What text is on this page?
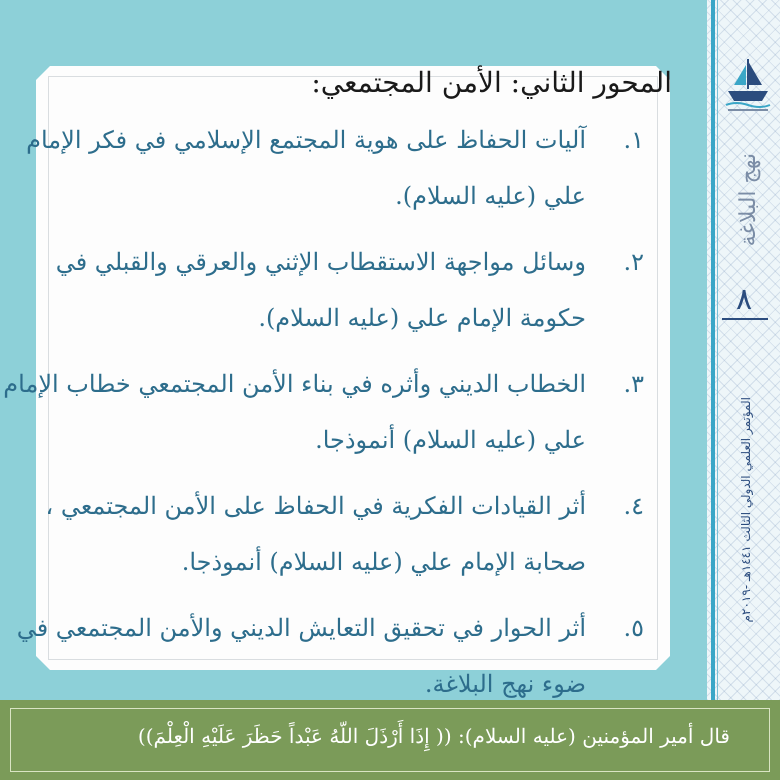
نهج البلاغة
٨
المؤتمر العلمي الدولي الثالث ١٤٤١هـ -٢٠١٩م
المحور الثاني: الأمن المجتمعي:
١.
آليات الحفاظ على هوية المجتمع الإسلامي في فكر الإمام
علي (عليه السلام).
٢.
وسائل مواجهة الاستقطاب الإثني والعرقي والقبلي في
حكومة الإمام علي (عليه السلام).
٣.
الخطاب الديني وأثره في بناء الأمن المجتمعي خطاب الإمام
علي (عليه السلام) أنموذجا.
٤.
أثر القيادات الفكرية في الحفاظ على الأمن المجتمعي ،
صحابة الإمام علي (عليه السلام) أنموذجا.
٥.
أثر الحوار في تحقيق التعايش الديني والأمن المجتمعي في
ضوء نهج البلاغة.
قال أمير المؤمنين (عليه السلام): (( إِذَا أَرْذَلَ اللّهُ عَبْداً حَظَرَ عَلَيْهِ الْعِلْمَ))
